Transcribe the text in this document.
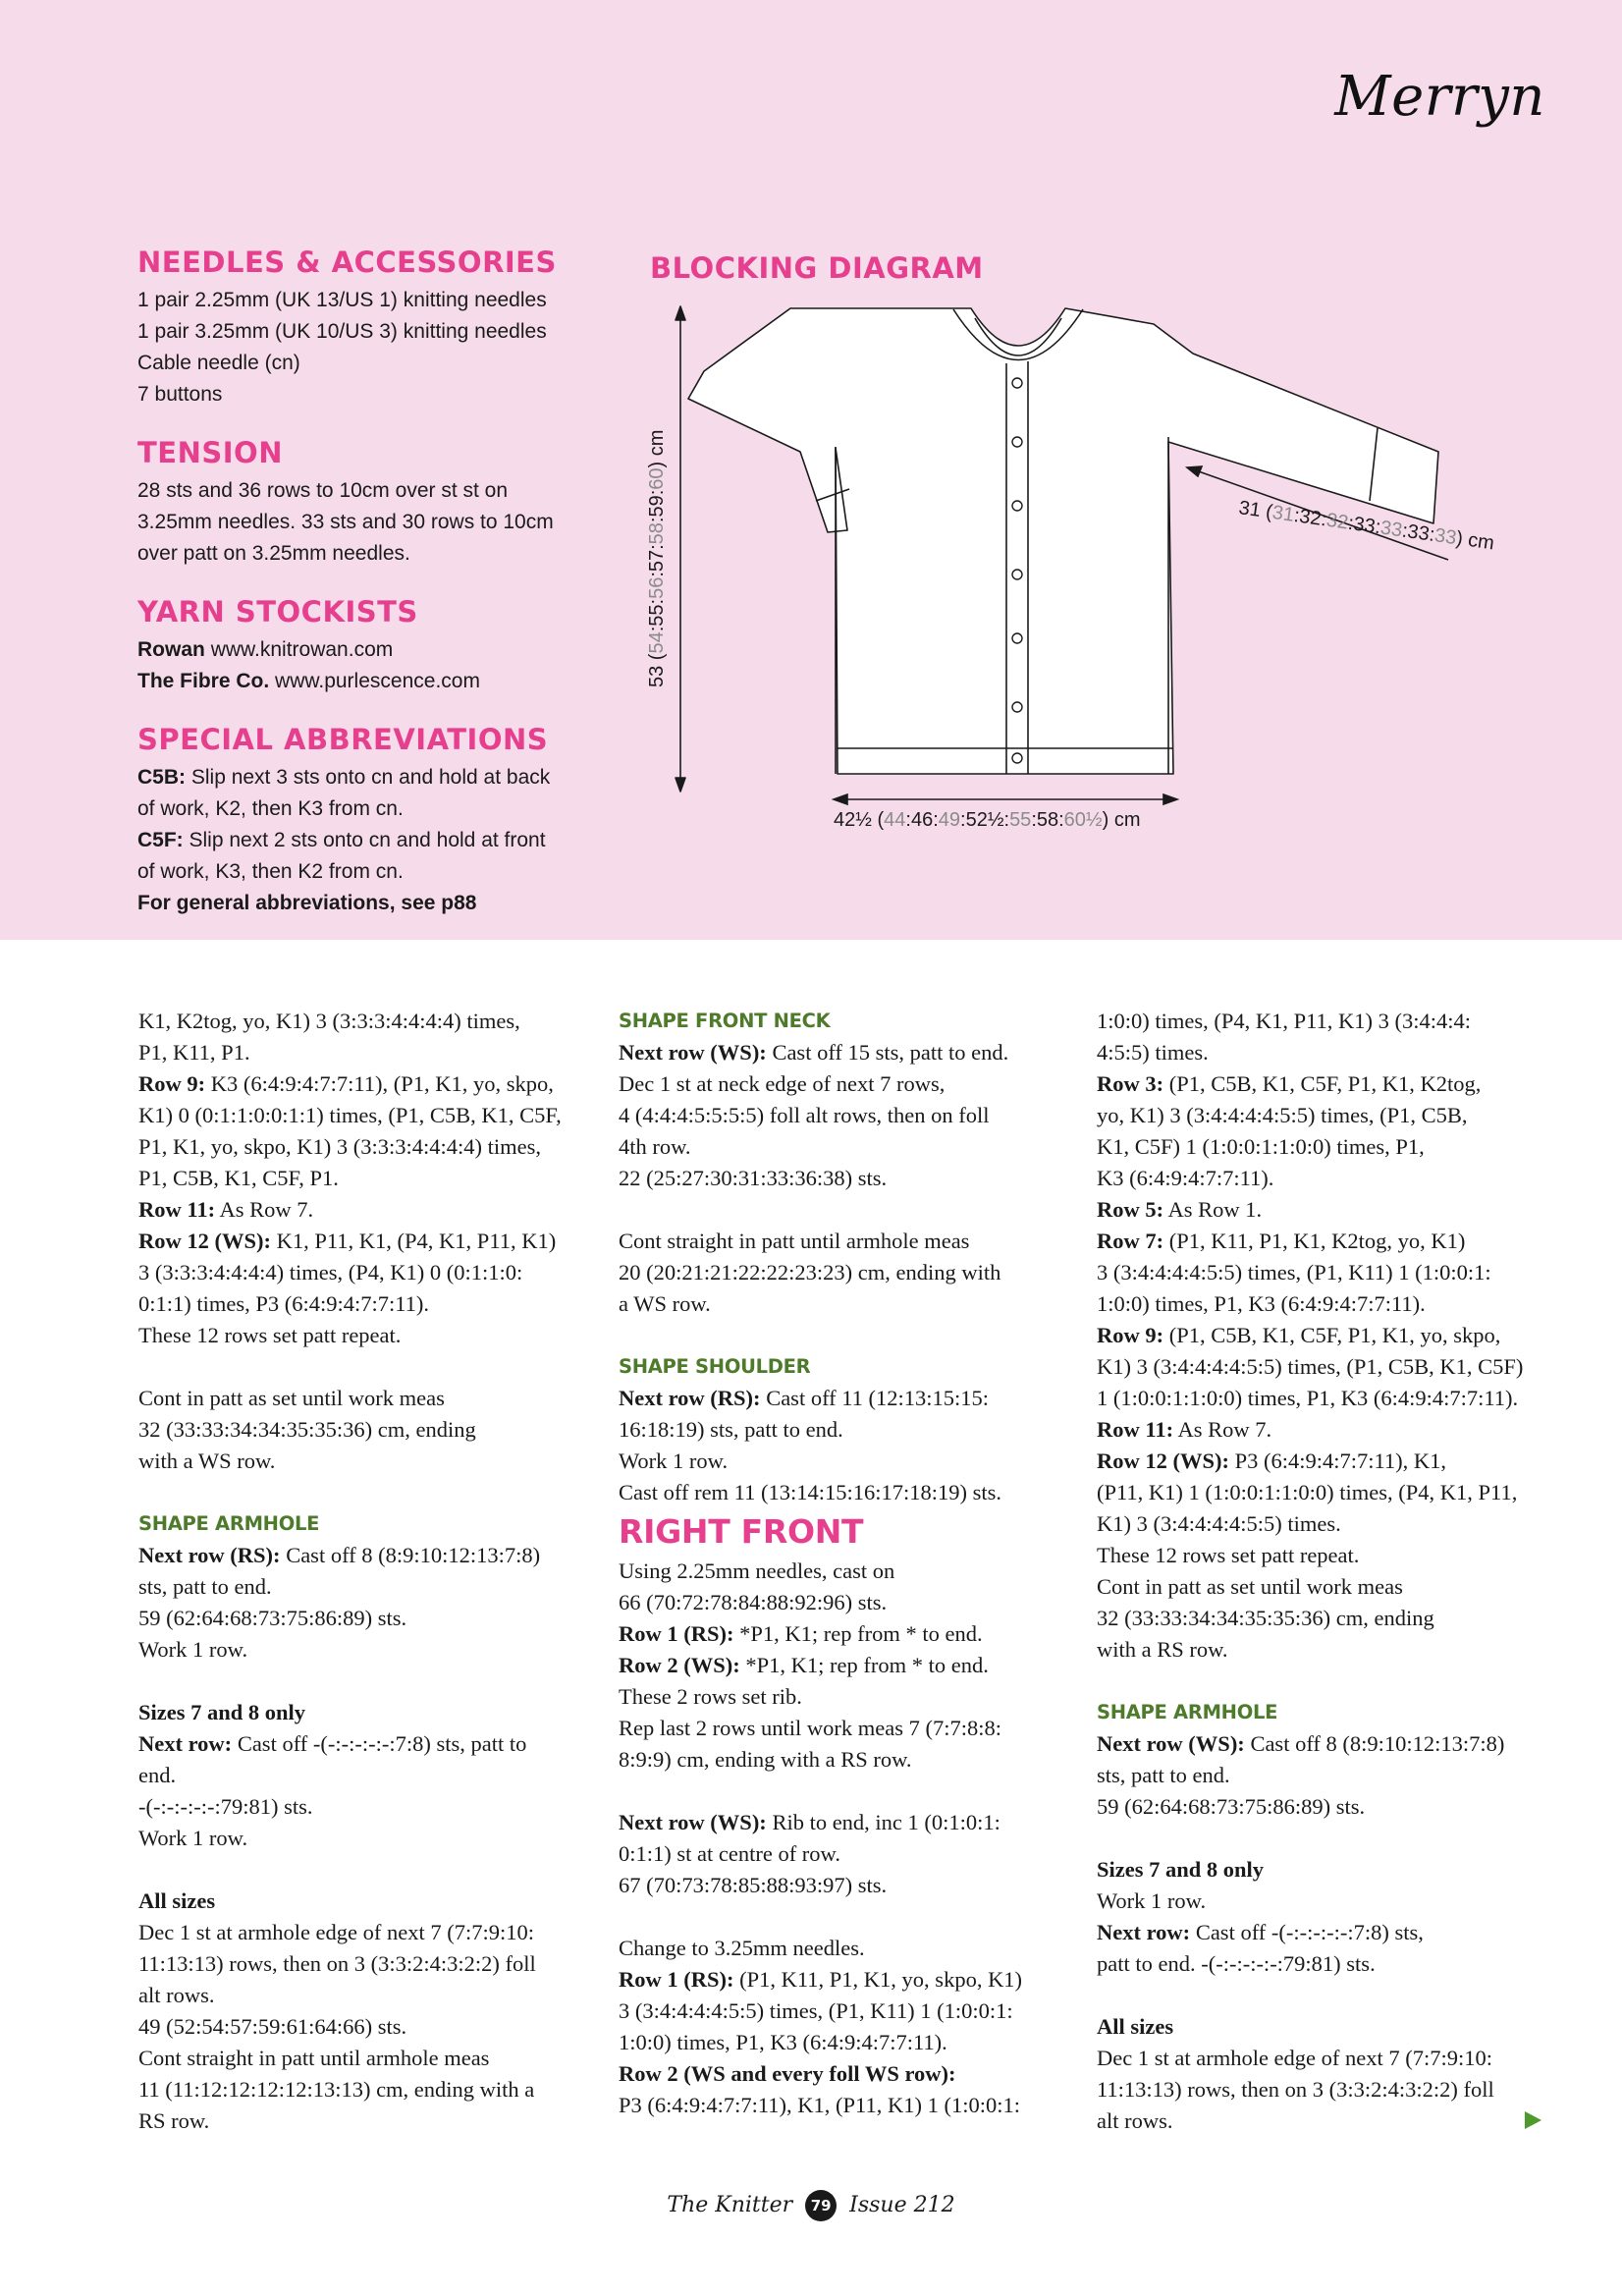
Merryn
NEEDLES & ACCESSORIES
1 pair 2.25mm (UK 13/US 1) knitting needles
1 pair 3.25mm (UK 10/US 3) knitting needles
Cable needle (cn)
7 buttons
TENSION
28 sts and 36 rows to 10cm over st st on
3.25mm needles. 33 sts and 30 rows to 10cm
over patt on 3.25mm needles.
YARN STOCKISTS
Rowan www.knitrowan.com
The Fibre Co. www.purlescence.com
SPECIAL ABBREVIATIONS
C5B: Slip next 3 sts onto cn and hold at back
of work, K2, then K3 from cn.
C5F: Slip next 2 sts onto cn and hold at front
of work, K3, then K2 from cn.
For general abbreviations, see p88
BLOCKING DIAGRAM
53 (54:55:56:57:58:59:60) cm
31 (31:32:32:33:33:33:33) cm
42½ (44:46:49:52½:55:58:60½) cm

K1, K2tog, yo, K1) 3 (3:3:3:4:4:4:4) times,

P1, K11, P1.

Row 9: K3 (6:4:9:4:7:7:11), (P1, K1, yo, skpo,

K1) 0 (0:1:1:0:0:1:1) times, (P1, C5B, K1, C5F,

P1, K1, yo, skpo, K1) 3 (3:3:3:4:4:4:4) times,

P1, C5B, K1, C5F, P1.

Row 11: As Row 7.

Row 12 (WS): K1, P11, K1, (P4, K1, P11, K1)

3 (3:3:3:4:4:4:4) times, (P4, K1) 0 (0:1:1:0:

0:1:1) times, P3 (6:4:9:4:7:7:11).

These 12 rows set patt repeat.

Cont in patt as set until work meas

32 (33:33:34:34:35:35:36) cm, ending

with a WS row.

SHAPE ARMHOLE

Next row (RS): Cast off 8 (8:9:10:12:13:7:8)

sts, patt to end.

59 (62:64:68:73:75:86:89) sts.

Work 1 row.

Sizes 7 and 8 only

Next row: Cast off -(-:-:-:-:-:7:8) sts, patt to

end.

-(-:-:-:-:-:79:81) sts.

Work 1 row.

All sizes

Dec 1 st at armhole edge of next 7 (7:7:9:10:

11:13:13) rows, then on 3 (3:3:2:4:3:2:2) foll

alt rows.

49 (52:54:57:59:61:64:66) sts.

Cont straight in patt until armhole meas

11 (11:12:12:12:12:13:13) cm, ending with a

RS row.

SHAPE FRONT NECK

Next row (WS): Cast off 15 sts, patt to end.

Dec 1 st at neck edge of next 7 rows,

4 (4:4:4:5:5:5:5) foll alt rows, then on foll

4th row.

22 (25:27:30:31:33:36:38) sts.

Cont straight in patt until armhole meas

20 (20:21:21:22:22:23:23) cm, ending with

a WS row.

SHAPE SHOULDER

Next row (RS): Cast off 11 (12:13:15:15:

16:18:19) sts, patt to end.

Work 1 row.

Cast off rem 11 (13:14:15:16:17:18:19) sts.

RIGHT FRONT

Using 2.25mm needles, cast on

66 (70:72:78:84:88:92:96) sts.

Row 1 (RS): *P1, K1; rep from * to end.

Row 2 (WS): *P1, K1; rep from * to end.

These 2 rows set rib.

Rep last 2 rows until work meas 7 (7:7:8:8:

8:9:9) cm, ending with a RS row.

Next row (WS): Rib to end, inc 1 (0:1:0:1:

0:1:1) st at centre of row.

67 (70:73:78:85:88:93:97) sts.

Change to 3.25mm needles.

Row 1 (RS): (P1, K11, P1, K1, yo, skpo, K1)

3 (3:4:4:4:4:5:5) times, (P1, K11) 1 (1:0:0:1:

1:0:0) times, P1, K3 (6:4:9:4:7:7:11).

Row 2 (WS and every foll WS row):

P3 (6:4:9:4:7:7:11), K1, (P11, K1) 1 (1:0:0:1:

1:0:0) times, (P4, K1, P11, K1) 3 (3:4:4:4:

4:5:5) times.

Row 3: (P1, C5B, K1, C5F, P1, K1, K2tog,

yo, K1) 3 (3:4:4:4:4:5:5) times, (P1, C5B,

K1, C5F) 1 (1:0:0:1:1:0:0) times, P1,

K3 (6:4:9:4:7:7:11).

Row 5: As Row 1.

Row 7: (P1, K11, P1, K1, K2tog, yo, K1)

3 (3:4:4:4:4:5:5) times, (P1, K11) 1 (1:0:0:1:

1:0:0) times, P1, K3 (6:4:9:4:7:7:11).

Row 9: (P1, C5B, K1, C5F, P1, K1, yo, skpo,

K1) 3 (3:4:4:4:4:5:5) times, (P1, C5B, K1, C5F)

1 (1:0:0:1:1:0:0) times, P1, K3 (6:4:9:4:7:7:11).

Row 11: As Row 7.

Row 12 (WS): P3 (6:4:9:4:7:7:11), K1,

(P11, K1) 1 (1:0:0:1:1:0:0) times, (P4, K1, P11,

K1) 3 (3:4:4:4:4:5:5) times.

These 12 rows set patt repeat.

Cont in patt as set until work meas

32 (33:33:34:34:35:35:36) cm, ending

with a RS row.

SHAPE ARMHOLE

Next row (WS): Cast off 8 (8:9:10:12:13:7:8)

sts, patt to end.

59 (62:64:68:73:75:86:89) sts.

Sizes 7 and 8 only

Work 1 row.

Next row: Cast off -(-:-:-:-:-:7:8) sts,

patt to end. -(-:-:-:-:-:79:81) sts.

All sizes

Dec 1 st at armhole edge of next 7 (7:7:9:10:

11:13:13) rows, then on 3 (3:3:2:4:3:2:2) foll

alt rows.

The Knitter 79 Issue 212
